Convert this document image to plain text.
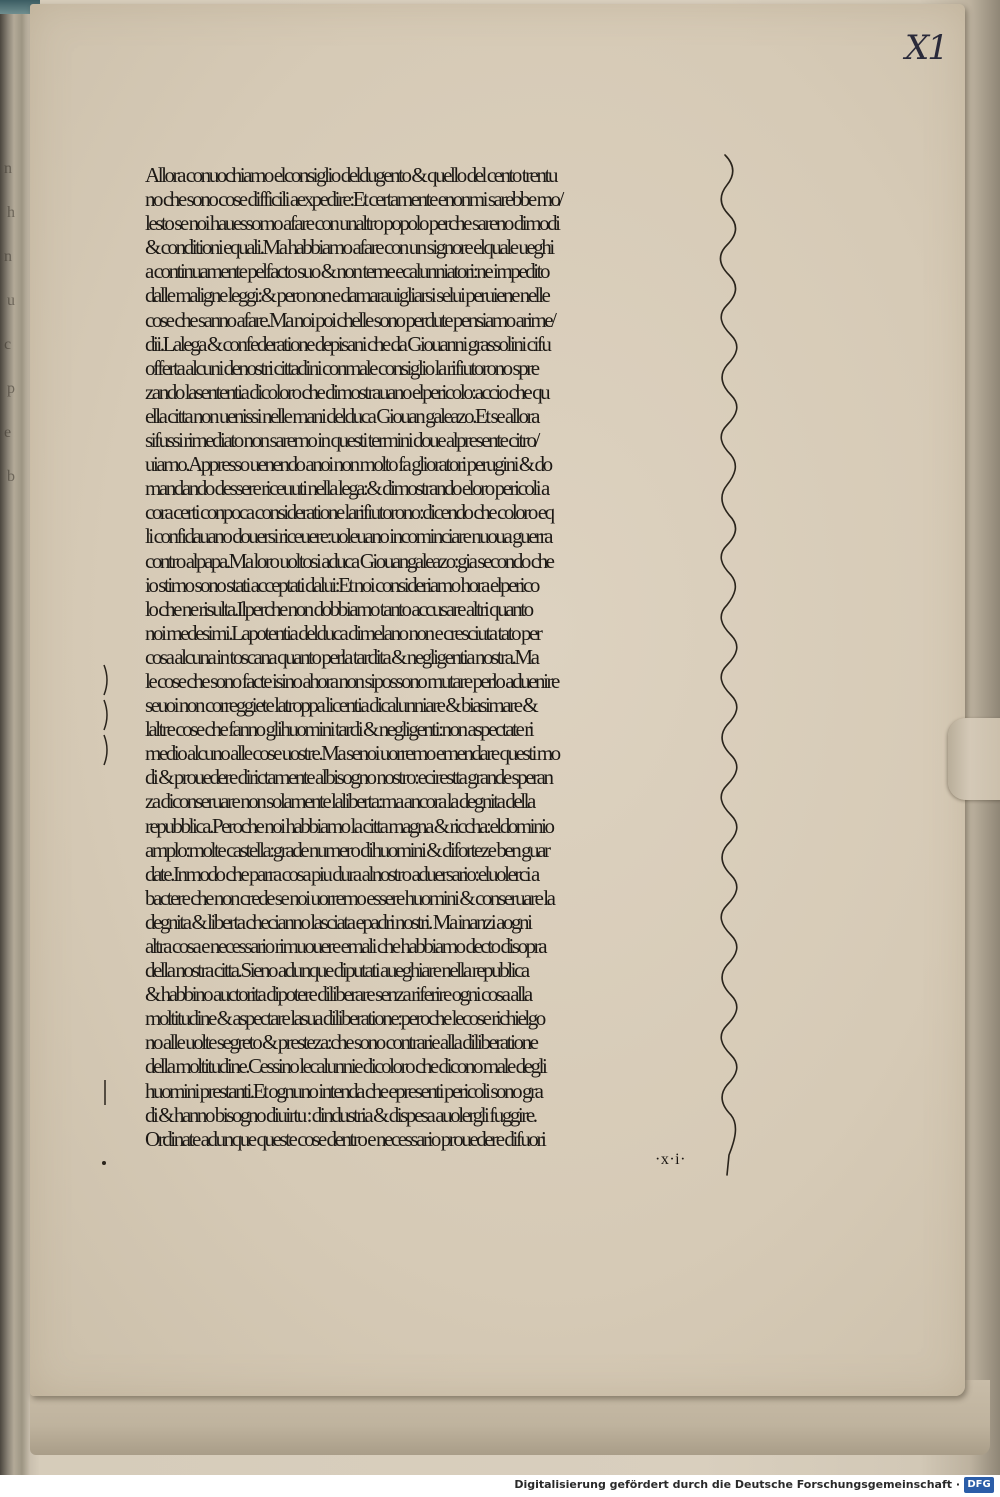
n
h
n
u
c
p
e
b
X1
Allora conuochiamo elconsiglio deldugento & quello del cento trentu
no che sono cose difficili aexpedire:Et certamente enonmi sarebbe mo/
lesto se noi hauessomo afare con unaltro popolo perche sareno dimodi
& conditioni equali.Ma habbiamo afare con un signore elquale ueghi
a continuamente pelfacto suo & non teme ecalunniatori:ne impedito
dalle maligne leggi:& pero non e damarauigliarsi selui peruiene nelle
cose che sanno afare.Ma noi poi chelle sono perdute pensiamo arime/
dii.Lalega & confederatione depisani che da Giouanni grassolini cifu
offerta alcuni denostri cittadini conmale consiglio la rifiutorono spre
zando lasententia dicoloro che dimostrauano elpericolo:accio che qu
ella citta non uenissi nelle mani delduca Giouan galeazo.Et se allora
sifussi rimediato non saremo in questi termini doue alpresente citro/
uiamo.Appresso uenendo anoi non molto fa glioratori perugini & do
mandando dessere riceuuti nella lega:& dimostrando eloro pericoli a
cora certi conpoca consideratione larifiutorono:dicendo che coloro eq
li confidauano douersi riceuere:uoleuano incominciare nuoua guerra
contro alpapa.Ma loro uoltosi aduca Giouangaleazo:gia secondo che
io stimo sono stati acceptati dalui:Et noi consideriamo hora elperico
lo che ne risulta.Ilperche non dobbiamo tanto accusare altri quanto
noi medesimi.Lapotentia delduca dimelano non e cresciuta tato per
cosa alcuna in toscana quanto perla tardita & negligentia nostra.Ma
le cose che sono facte isino ahora non sipossono mutare perlo aduenire
seuoi non correggiete latroppa licentia dicalunniare & biasimare &
laltre cose che fanno glihuomini tardi & negligenti:non aspectate ri
medio alcuno alle cose uostre.Ma senoi uorremo emendare questi mo
di & prouedere dirictamente albisogno nostro:ecirestta grande speran
za diconseruare non solamente laliberta:ma ancora la degnita della
repubblica.Peroche noi habbiamo la citta magna & riccha:eldominio
amplo:molte castella:grade numero dihuomini & diforteze ben guar
date.Inmodo che parra cosa piu dura alnostro aduersario:eluolerci a
bactere che non crede se noi uorremo essere huomini & conseruare la
degnita & liberta checianno lasciata epadri nostri. Ma inanzi aogni
altra cosa e necessario rimuouere emali che habbiamo decto disopra
della nostra citta.Sieno adunque diputati aueghiare nella republica
& habbino auctorita dipotere diliberare senza riferire ogni cosa alla
moltitudine & aspectare lasua diliberatione:peroche lecose richielgo
no alle uolte segreto & presteza:che sono contrarie alla diliberatione
della moltitudine.Cessino lecalunnie dicoloro che dicono male degli
huomini prestanti.Et ognuno intenda che epresenti pericoli sono gra
di & hanno bisogno diuirtu : dindustria & dispesa auolergli fuggire.
Ordinate adunque queste cose dentro e necessario prouedere difuori
·x·i·
Digitalisierung gefördert durch die Deutsche Forschungsgemeinschaft · DFG
